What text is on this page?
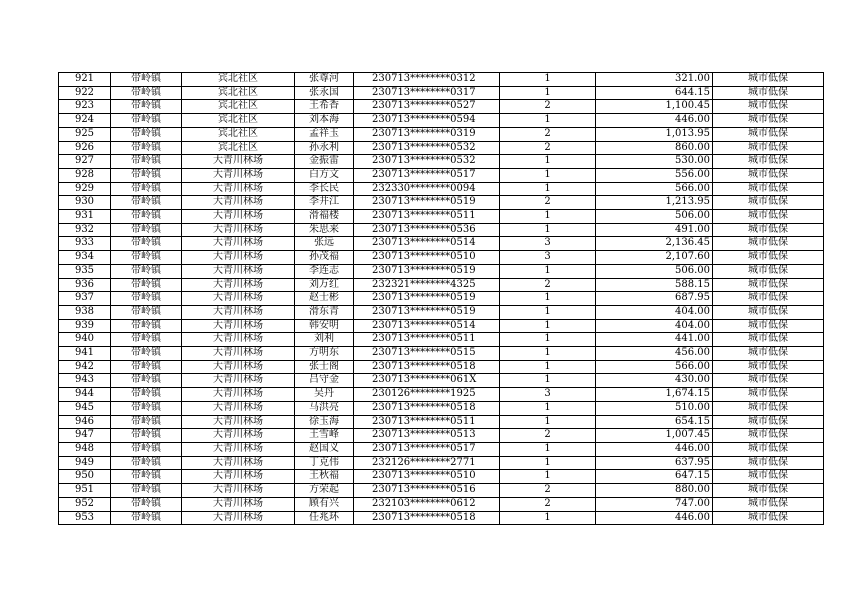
921	带岭镇	宾北社区	张尊河	230713********0312	1	321.00	城市低保
922	带岭镇	宾北社区	张永国	230713********0317	1	644.15	城市低保
923	带岭镇	宾北社区	王希香	230713********0527	2	1,100.45	城市低保
924	带岭镇	宾北社区	刘本海	230713********0594	1	446.00	城市低保
925	带岭镇	宾北社区	孟祥玉	230713********0319	2	1,013.95	城市低保
926	带岭镇	宾北社区	孙永利	230713********0532	2	860.00	城市低保
927	带岭镇	大青川林场	金振雷	230713********0532	1	530.00	城市低保
928	带岭镇	大青川林场	白方文	230713********0517	1	556.00	城市低保
929	带岭镇	大青川林场	李长民	232330********0094	1	566.00	城市低保
930	带岭镇	大青川林场	李井江	230713********0519	2	1,213.95	城市低保
931	带岭镇	大青川林场	滑福楼	230713********0511	1	506.00	城市低保
932	带岭镇	大青川林场	朱思来	230713********0536	1	491.00	城市低保
933	带岭镇	大青川林场	张远	230713********0514	3	2,136.45	城市低保
934	带岭镇	大青川林场	孙茂福	230713********0510	3	2,107.60	城市低保
935	带岭镇	大青川林场	李连志	230713********0519	1	506.00	城市低保
936	带岭镇	大青川林场	刘万红	232321********4325	2	588.15	城市低保
937	带岭镇	大青川林场	赵士彬	230713********0519	1	687.95	城市低保
938	带岭镇	大青川林场	滑东青	230713********0519	1	404.00	城市低保
939	带岭镇	大青川林场	韩安明	230713********0514	1	404.00	城市低保
940	带岭镇	大青川林场	刘利	230713********0511	1	441.00	城市低保
941	带岭镇	大青川林场	方明东	230713********0515	1	456.00	城市低保
942	带岭镇	大青川林场	张士阁	230713********0518	1	566.00	城市低保
943	带岭镇	大青川林场	吕守金	230713********061X	1	430.00	城市低保
944	带岭镇	大青川林场	吴丹	230126********1925	3	1,674.15	城市低保
945	带岭镇	大青川林场	马洪亮	230713********0518	1	510.00	城市低保
946	带岭镇	大青川林场	徐玉海	230713********0511	1	654.15	城市低保
947	带岭镇	大青川林场	王雪峰	230713********0513	2	1,007.45	城市低保
948	带岭镇	大青川林场	赵国义	230713********0517	1	446.00	城市低保
949	带岭镇	大青川林场	丁克伟	232126********2771	1	637.95	城市低保
950	带岭镇	大青川林场	王秋福	230713********0510	1	647.15	城市低保
951	带岭镇	大青川林场	方荣起	230713********0516	2	880.00	城市低保
952	带岭镇	大青川林场	顾有兴	232103********0612	2	747.00	城市低保
953	带岭镇	大青川林场	任兆环	230713********0518	1	446.00	城市低保
